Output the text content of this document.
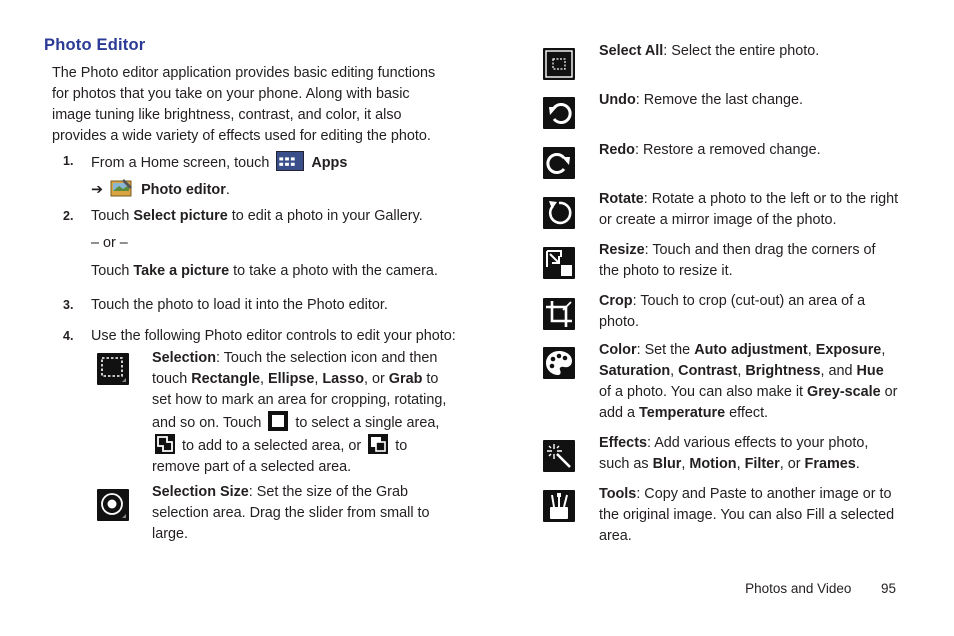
Photo Editor
The Photo editor application provides basic editing functions for photos that you take on your phone. Along with basic image tuning like brightness, contrast, and color, it also provides a wide variety of effects used for editing the photo.
1. From a Home screen, touch	Apps
➔	Photo editor.
2. Touch Select picture to edit a photo in your Gallery.
– or –
Touch Take a picture to take a photo with the camera.
3. Touch the photo to load it into the Photo editor.
4. Use the following Photo editor controls to edit your photo:
Selection: Touch the selection icon and then touch Rectangle, Ellipse, Lasso, or Grab to set how to mark an area for cropping, rotating, and so on. Touch to select a single area,
to add to a selected area, or to remove part of a selected area.
Selection Size: Set the size of the Grab selection area. Drag the slider from small to large.
Select All: Select the entire photo.
Undo: Remove the last change.
Redo: Restore a removed change.
Rotate: Rotate a photo to the left or to the right or create a mirror image of the photo.
Resize: Touch and then drag the corners of the photo to resize it.
Crop: Touch to crop (cut-out) an area of a photo.
Color: Set the Auto adjustment, Exposure, Saturation, Contrast, Brightness, and Hue of a photo. You can also make it Grey-scale or add a Temperature effect.
Effects: Add various effects to your photo, such as Blur, Motion, Filter, or Frames.
Tools: Copy and Paste to another image or to the original image. You can also Fill a selected area.
Photos and Video 95
